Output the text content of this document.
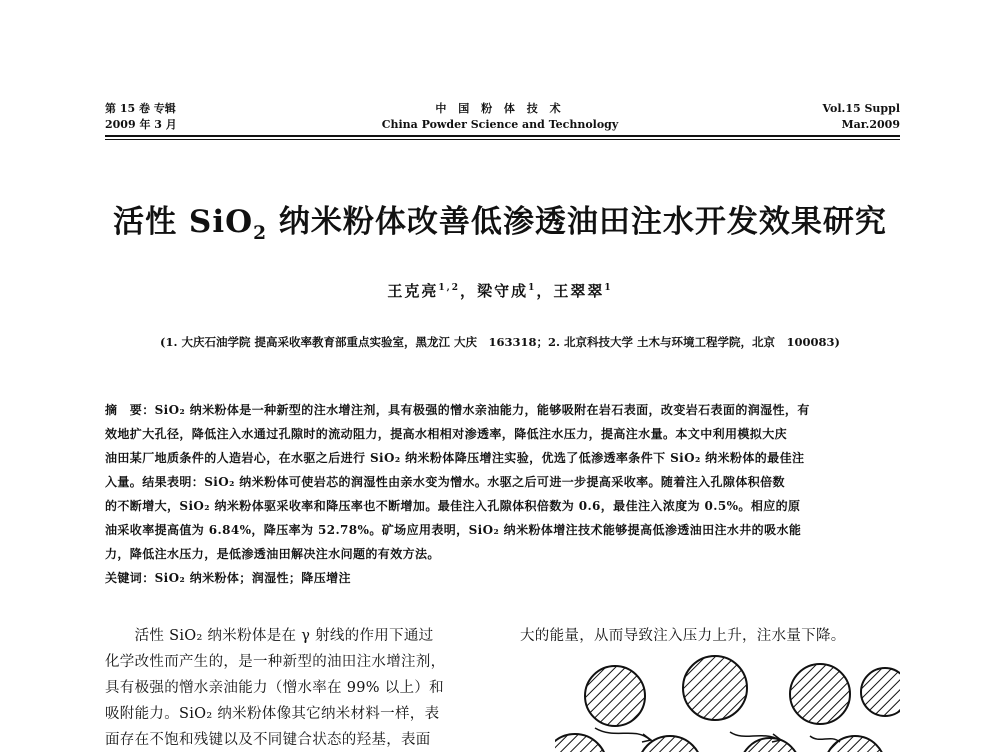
第 15 卷 专辑
2009 年 3 月
中 国 粉 体 技 术
China Powder Science and Technology
Vol.15 Suppl
Mar.2009
活性 SiO$_2$ 纳米粉体改善低渗透油田注水开发效果研究
王克亮$^{1,2}$，梁守成$^1$，王翠翠$^1$
(1. 大庆石油学院 提高采收率教育部重点实验室，黑龙江 大庆　163318；2. 北京科技大学 土木与环境工程学院，北京　100083)
摘　要：SiO₂ 纳米粉体是一种新型的注水增注剂，具有极强的憎水亲油能力，能够吸附在岩石表面，改变岩石表面的润湿性，有
效地扩大孔径，降低注入水通过孔隙时的流动阻力，提高水相相对渗透率，降低注水压力，提高注水量。本文中利用模拟大庆
油田某厂地质条件的人造岩心，在水驱之后进行 SiO₂ 纳米粉体降压增注实验，优选了低渗透率条件下 SiO₂ 纳米粉体的最佳注
入量。结果表明：SiO₂ 纳米粉体可使岩芯的润湿性由亲水变为憎水。水驱之后可进一步提高采收率。随着注入孔隙体积倍数
的不断增大，SiO₂ 纳米粉体驱采收率和降压率也不断增加。最佳注入孔隙体积倍数为 0.6，最佳注入浓度为 0.5%。相应的原
油采收率提高值为 6.84%，降压率为 52.78%。矿场应用表明，SiO₂ 纳米粉体增注技术能够提高低渗透油田注水井的吸水能
力，降低注水压力，是低渗透油田解决注水问题的有效方法。
关键词：SiO₂ 纳米粉体；润湿性；降压增注
　　活性 SiO₂ 纳米粉体是在 γ 射线的作用下通过
化学改性而产生的，是一种新型的油田注水增注剂，
具有极强的憎水亲油能力（憎水率在 99% 以上）和
吸附能力。SiO₂ 纳米粉体像其它纳米材料一样，表
面存在不饱和残键以及不同键合状态的羟基，表面
大的能量，从而导致注入压力上升，注水量下降。
